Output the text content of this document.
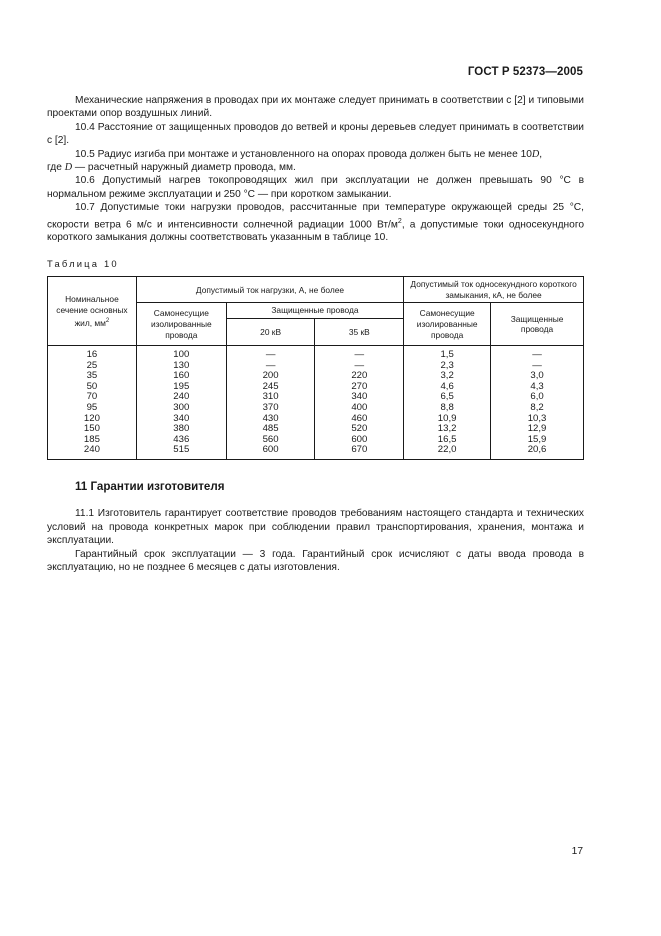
ГОСТ Р 52373—2005

Механические напряжения в проводах при их монтаже следует принимать в соответствии с [2] и типовыми проектами опор воздушных линий.

10.4 Расстояние от защищенных проводов до ветвей и кроны деревьев следует принимать в соответствии с [2].

10.5 Радиус изгиба при монтаже и установленного на опорах провода должен быть не менее 10D,
где D — расчетный наружный диаметр провода, мм.

10.6 Допустимый нагрев токопроводящих жил при эксплуатации не должен превышать 90 °С в нормальном режиме эксплуатации и 250 °С — при коротком замыкании.

10.7 Допустимые токи нагрузки проводов, рассчитанные при температуре окружающей среды 25 °С, скорости ветра 6 м/с и интенсивности солнечной радиации 1000 $Вт/м^2$, а допустимые токи односекундного короткого замыкания должны соответствовать указанным в таблице 10.

Таблица 10
Номинальное сечение основных жил, $мм^2$	Допустимый ток нагрузки, А, не более			Допустимый ток односекундного короткого замыкания, кА, не более	
	Самонесущие изолированные провода	Защищенные провода		Самонесущие изолированные провода	Защищенные провода
		20 кВ	35 кВ		
16	100	—	—	1,5	—
25	130	—	—	2,3	—
35	160	200	220	3,2	3,0
50	195	245	270	4,6	4,3
70	240	310	340	6,5	6,0
95	300	370	400	8,8	8,2
120	340	430	460	10,9	10,3
150	380	485	520	13,2	12,9
185	436	560	600	16,5	15,9
240	515	600	670	22,0	20,6
11 Гарантии изготовителя

11.1 Изготовитель гарантирует соответствие проводов требованиям настоящего стандарта и технических условий на провода конкретных марок при соблюдении правил транспортирования, хранения, монтажа и эксплуатации.

Гарантийный срок эксплуатации — 3 года. Гарантийный срок исчисляют с даты ввода провода в эксплуатацию, но не позднее 6 месяцев с даты изготовления.

17
